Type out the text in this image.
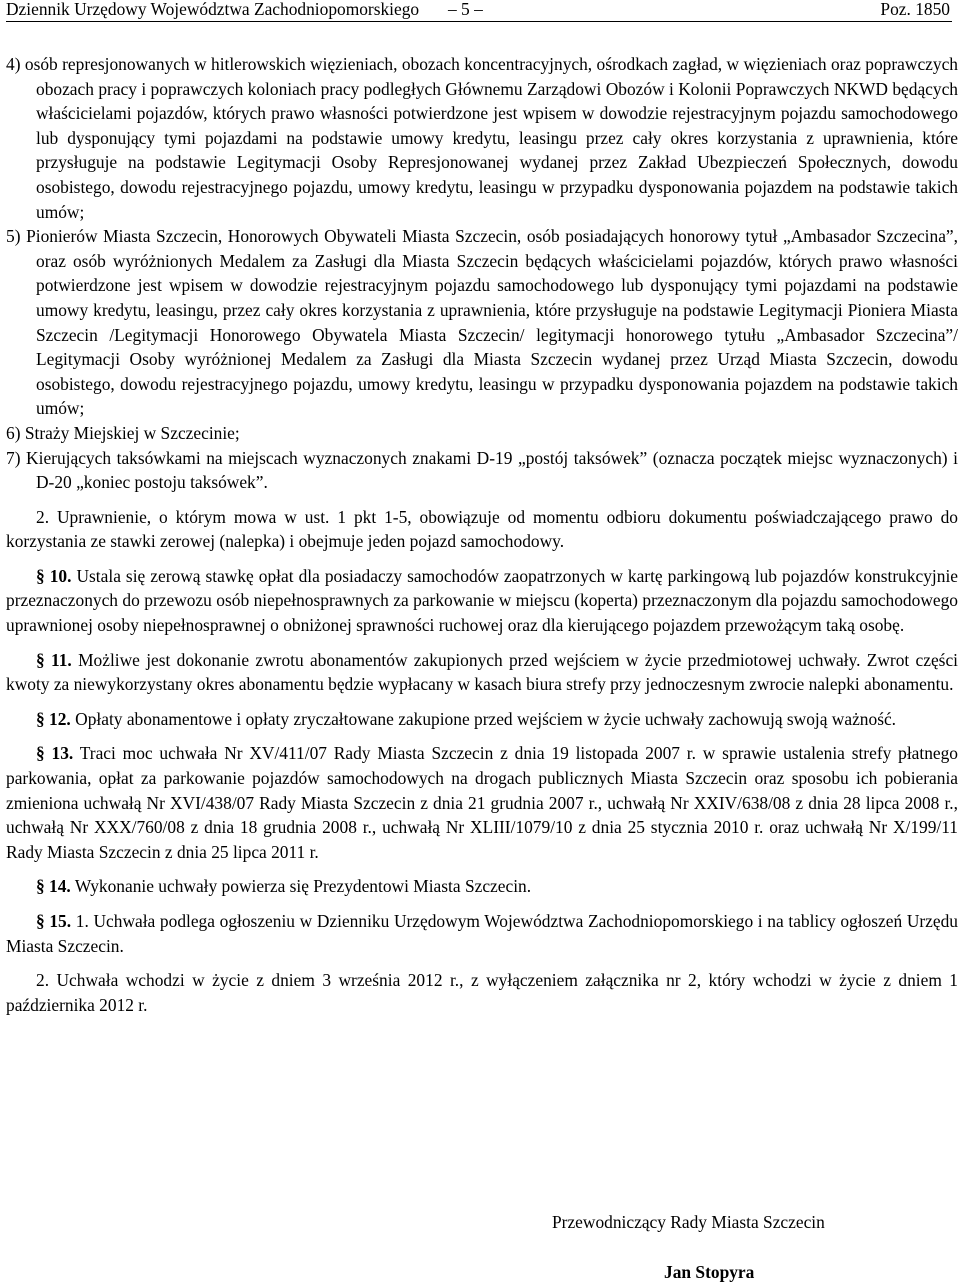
Dziennik Urzędowy Województwa Zachodniopomorskiego – 5 –	Poz. 1850

4) osób represjonowanych w hitlerowskich więzieniach, obozach koncentracyjnych, ośrodkach zagład, w więzieniach oraz poprawczych obozach pracy i poprawczych koloniach pracy podległych Głównemu Zarządowi Obozów i Kolonii Poprawczych NKWD będących właścicielami pojazdów, których prawo własności potwierdzone jest wpisem w dowodzie rejestracyjnym pojazdu samochodowego lub dysponujący tymi pojazdami na podstawie umowy kredytu, leasingu przez cały okres korzystania z uprawnienia, które przysługuje na podstawie Legitymacji Osoby Represjonowanej wydanej przez Zakład Ubezpieczeń Społecznych, dowodu osobistego, dowodu rejestracyjnego pojazdu, umowy kredytu, leasingu w przypadku dysponowania pojazdem na podstawie takich umów;

5) Pionierów Miasta Szczecin, Honorowych Obywateli Miasta Szczecin, osób posiadających honorowy tytuł „Ambasador Szczecina”, oraz osób wyróżnionych Medalem za Zasługi dla Miasta Szczecin będących właścicielami pojazdów, których prawo własności potwierdzone jest wpisem w dowodzie rejestracyjnym pojazdu samochodowego lub dysponujący tymi pojazdami na podstawie umowy kredytu, leasingu, przez cały okres korzystania z uprawnienia, które przysługuje na podstawie Legitymacji Pioniera Miasta Szczecin /Legitymacji Honorowego Obywatela Miasta Szczecin/ legitymacji honorowego tytułu „Ambasador Szczecina”/ Legitymacji Osoby wyróżnionej Medalem za Zasługi dla Miasta Szczecin wydanej przez Urząd Miasta Szczecin, dowodu osobistego, dowodu rejestracyjnego pojazdu, umowy kredytu, leasingu w przypadku dysponowania pojazdem na podstawie takich umów;

6) Straży Miejskiej w Szczecinie;

7) Kierujących taksówkami na miejscach wyznaczonych znakami D-19 „postój taksówek” (oznacza początek miejsc wyznaczonych) i D-20 „koniec postoju taksówek”.

2. Uprawnienie, o którym mowa w ust. 1 pkt 1-5, obowiązuje od momentu odbioru dokumentu poświadczającego prawo do korzystania ze stawki zerowej (nalepka) i obejmuje jeden pojazd samochodowy.

§ 10. Ustala się zerową stawkę opłat dla posiadaczy samochodów zaopatrzonych w kartę parkingową lub pojazdów konstrukcyjnie przeznaczonych do przewozu osób niepełnosprawnych za parkowanie w miejscu (koperta) przeznaczonym dla pojazdu samochodowego uprawnionej osoby niepełnosprawnej o obniżonej sprawności ruchowej oraz dla kierującego pojazdem przewożącym taką osobę.

§ 11. Możliwe jest dokonanie zwrotu abonamentów zakupionych przed wejściem w życie przedmiotowej uchwały. Zwrot części kwoty za niewykorzystany okres abonamentu będzie wypłacany w kasach biura strefy przy jednoczesnym zwrocie nalepki abonamentu.

§ 12. Opłaty abonamentowe i opłaty zryczałtowane zakupione przed wejściem w życie uchwały zachowują swoją ważność.

§ 13. Traci moc uchwała Nr XV/411/07 Rady Miasta Szczecin z dnia 19 listopada 2007 r. w sprawie ustalenia strefy płatnego parkowania, opłat za parkowanie pojazdów samochodowych na drogach publicznych Miasta Szczecin oraz sposobu ich pobierania zmieniona uchwałą Nr XVI/438/07 Rady Miasta Szczecin z dnia 21 grudnia 2007 r., uchwałą Nr XXIV/638/08 z dnia 28 lipca 2008 r., uchwałą Nr XXX/760/08 z dnia 18 grudnia 2008 r., uchwałą Nr XLIII/1079/10 z dnia 25 stycznia 2010 r. oraz uchwałą Nr X/199/11 Rady Miasta Szczecin z dnia 25 lipca 2011 r.

§ 14. Wykonanie uchwały powierza się Prezydentowi Miasta Szczecin.

§ 15. 1. Uchwała podlega ogłoszeniu w Dzienniku Urzędowym Województwa Zachodniopomorskiego i na tablicy ogłoszeń Urzędu Miasta Szczecin.

2. Uchwała wchodzi w życie z dniem 3 września 2012 r., z wyłączeniem załącznika nr 2, który wchodzi w życie z dniem 1 października 2012 r.

Przewodniczący Rady Miasta Szczecin
Jan Stopyra
